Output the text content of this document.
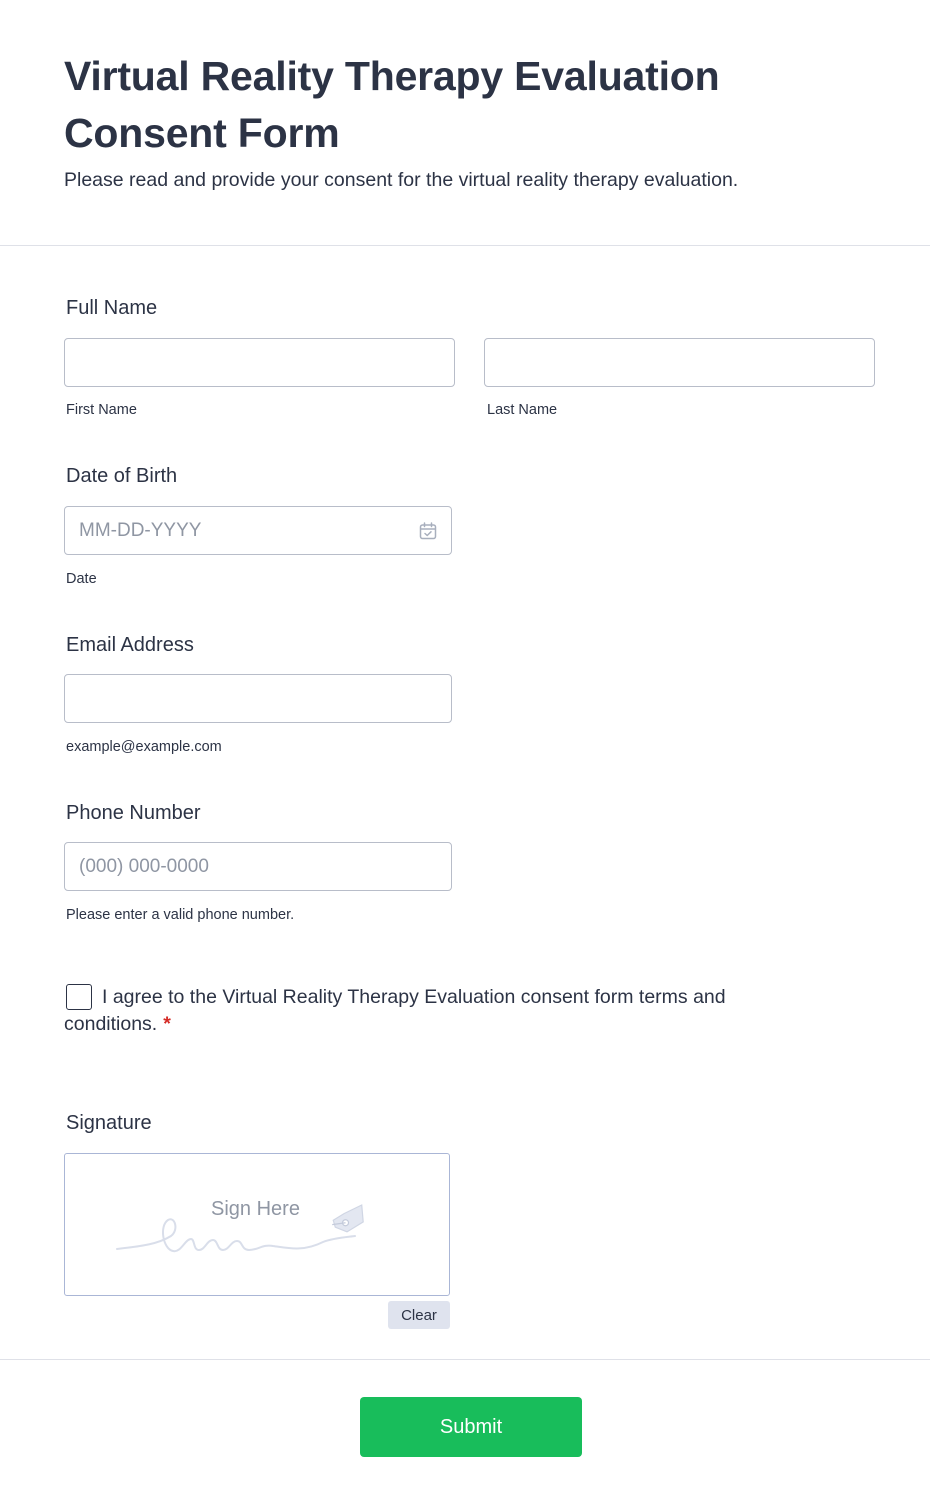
Virtual Reality Therapy Evaluation Consent Form

Please read and provide your consent for the virtual reality therapy evaluation.

Full Name
First Name	Last Name
Date of Birth
MM-DD-YYYY
Date
Email Address
example@example.com
Phone Number
(000) 000-0000
Please enter a valid phone number.

I agree to the Virtual Reality Therapy Evaluation consent form terms and conditions. *

Signature
Sign Here
Clear
Submit
